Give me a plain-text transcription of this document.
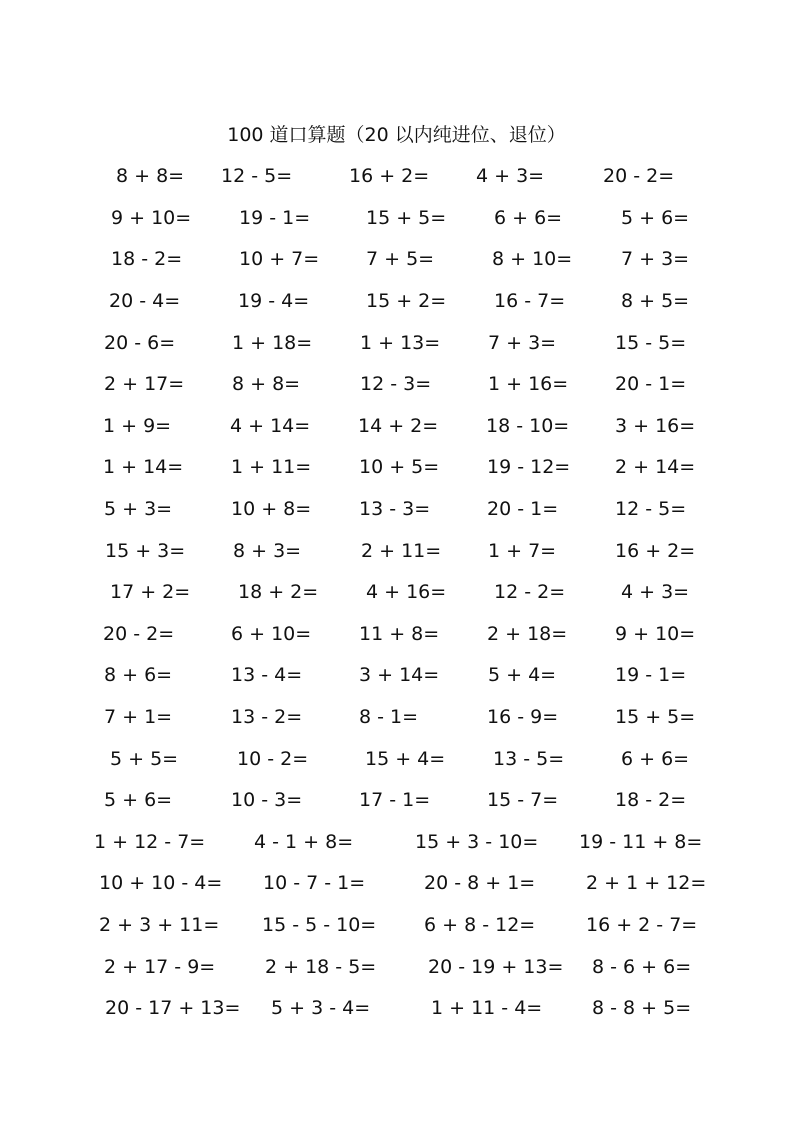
100 道口算题（20 以内纯进位、退位）
8 + 8= 12 - 5=	16 + 2= 4 + 3=	20 - 2=
9 + 10=	19 - 1=	15 + 5=	6 + 6=	5 + 6=
18 - 2=	10 + 7= 7 + 5=	8 + 10=	7 + 3=
20 - 4=	19 - 4=	15 + 2=	16 - 7=	8 + 5=
20 - 6=	1 + 18=	1 + 13=	7 + 3=	15 - 5=
2 + 17=	8 + 8=	12 - 3=	1 + 16= 20 - 1=
1 + 9=	4 + 14=	14 + 2=	18 - 10= 3 + 16=
1 + 14=	1 + 11=	10 + 5=	19 - 12= 2 + 14=
5 + 3=	10 + 8=	13 - 3=	20 - 1=	12 - 5=
15 + 3=	8 + 3=	2 + 11= 1 + 7=	16 + 2=
17 + 2=	18 + 2=	4 + 16=	12 - 2=	4 + 3=
20 - 2=	6 + 10=	11 + 8=	2 + 18=	9 + 10=
8 + 6=	13 - 4=	3 + 14=	5 + 4=	19 - 1=
7 + 1=	13 - 2=	8 - 1=	16 - 9=	15 + 5=
5 + 5=	10 - 2=	15 + 4=	13 - 5=	6 + 6=
5 + 6=	10 - 3=	17 - 1=	15 - 7=	18 - 2=
1 + 12 - 7=	4 - 1 + 8=	15 + 3 - 10= 19 - 11 + 8=
10 + 10 - 4= 10 - 7 - 1=	20 - 8 + 1=	2 + 1 + 12=
2 + 3 + 11= 15 - 5 - 10=	6 + 8 - 12=	16 + 2 - 7=
2 + 17 - 9=	2 + 18 - 5=	20 - 19 + 13= 8 - 6 + 6=
20 - 17 + 13= 5 + 3 - 4=	1 + 11 - 4=	8 - 8 + 5=
